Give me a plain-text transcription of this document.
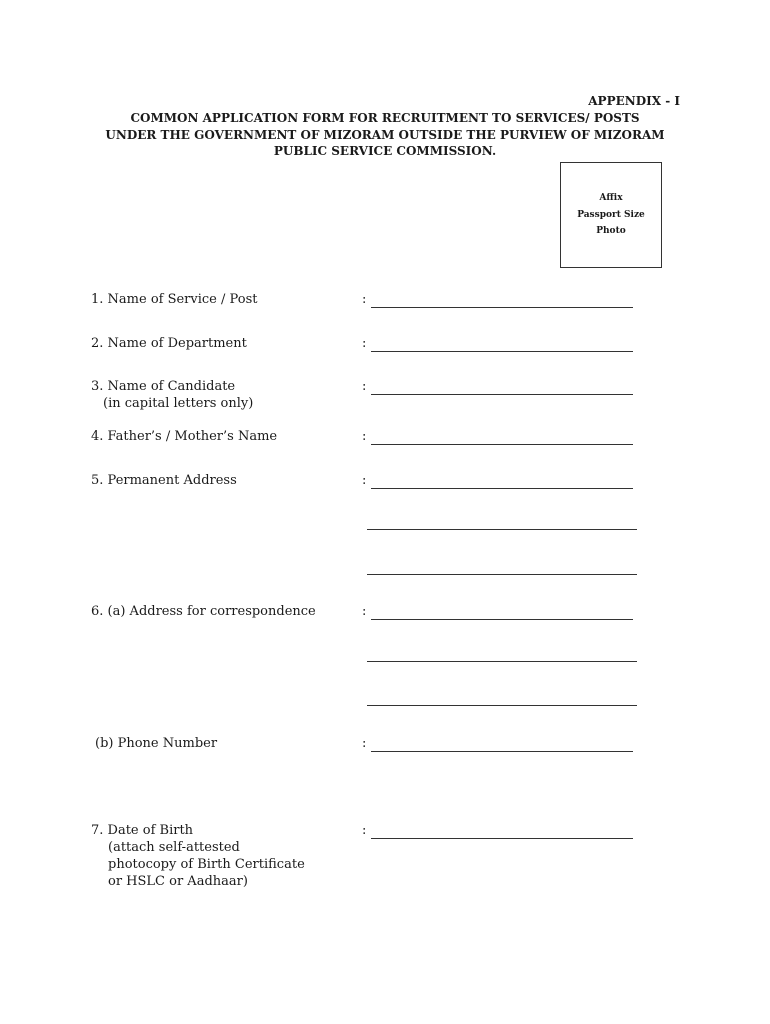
APPENDIX - I
COMMON APPLICATION FORM FOR RECRUITMENT TO SERVICES/ POSTS
UNDER THE GOVERNMENT OF MIZORAM OUTSIDE THE PURVIEW OF MIZORAM
PUBLIC SERVICE COMMISSION.
Affix
Passport Size
Photo
1. Name of Service / Post	:
2. Name of Department	:
3. Name of Candidate
(in capital letters only)
:
4. Father’s / Mother’s Name	:
5. Permanent Address	:
6. (a) Address for correspondence	:
(b) Phone Number	:
7. Date of Birth
(attach self-attested
photocopy of Birth Certificate
or HSLC or Aadhaar)
:
